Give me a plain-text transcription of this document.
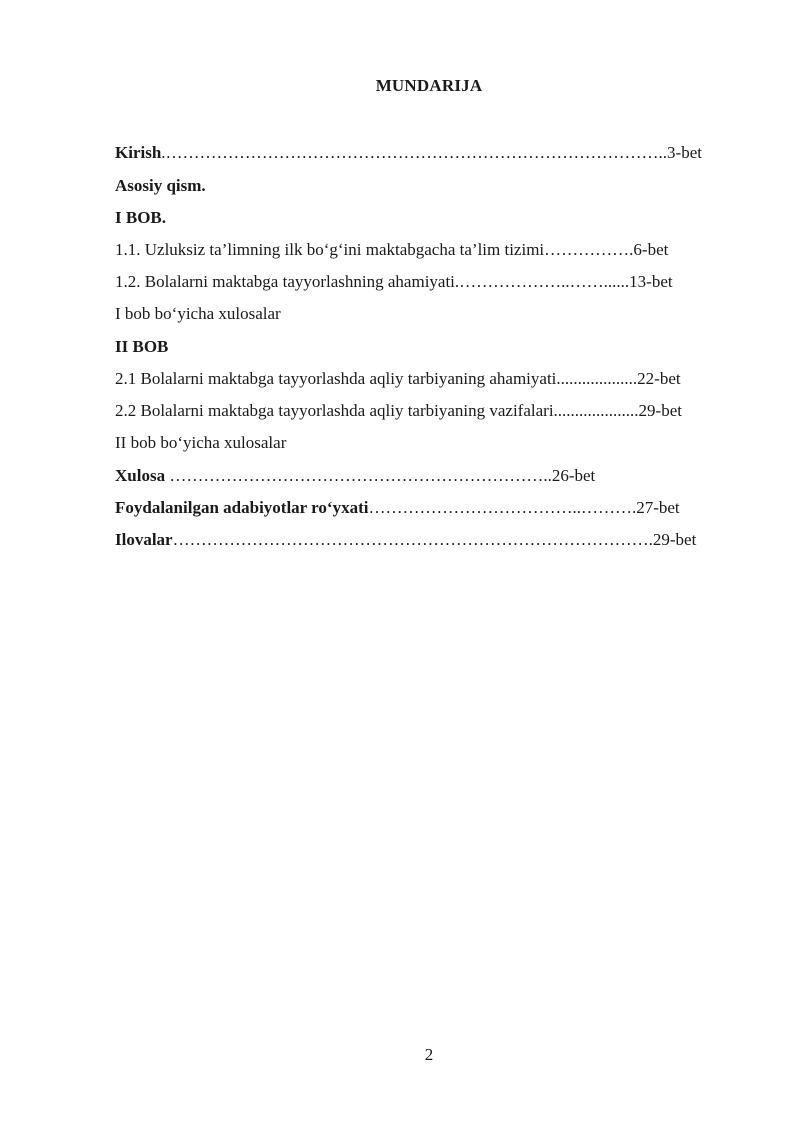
MUNDARIJA
Kirish.……………………………………………………………………………..3-bet
Asosiy qism.
I BOB.
1.1. Uzluksiz ta’limning ilk bo‘g‘ini maktabgacha ta’lim tizimi…………….6-bet
1.2. Bolalarni maktabga tayyorlashning ahamiyati.………………..……......13-bet
I bob bo‘yicha xulosalar
II BOB
2.1 Bolalarni maktabga tayyorlashda aqliy tarbiyaning ahamiyati...................22-bet
2.2 Bolalarni maktabga tayyorlashda aqliy tarbiyaning vazifalari....................29-bet
II bob bo‘yicha xulosalar
Xulosa …………………………………………………………..26-bet
Foydalanilgan adabiyotlar ro‘yxati………………………………..……….27-bet
Ilovalar………………………………………………………………………….29-bet
2
